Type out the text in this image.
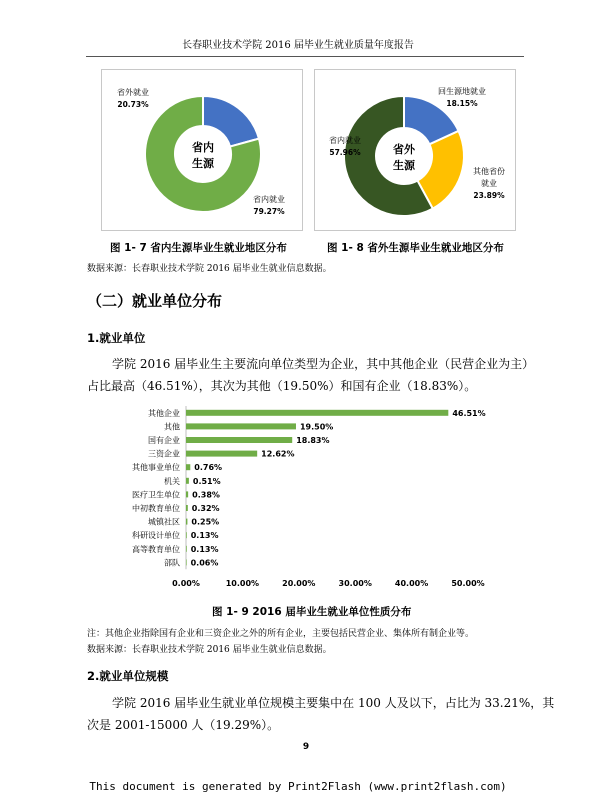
长春职业技术学院 2016 届毕业生就业质量年度报告
省内
生源
省外就业
20.73%
省内就业
79.27%
省外
生源
回生源地就业
18.15%
其他省份
就业
23.89%
省内就业
57.96%
图 1- 7 省内生源毕业生就业地区分布	图 1- 8 省外生源毕业生就业地区分布
数据来源：长春职业技术学院 2016 届毕业生就业信息数据。
（二）就业单位分布
1.就业单位
学院 2016 届毕业生主要流向单位类型为企业，其中其他企业（民营企业为主）
占比最高（46.51%），其次为其他（19.50%）和国有企业（18.83%）。
其他企业
其他
国有企业
三资企业
其他事业单位
机关
医疗卫生单位
中初教育单位
城镇社区
科研设计单位
高等教育单位
部队
46.51%
19.50%
18.83%
12.62%
0.76%
0.51%
0.38%
0.32%
0.25%
0.13%
0.13%
0.06%
0.00%	10.00%	20.00%	30.00%	40.00%	50.00%
图 1- 9 2016 届毕业生就业单位性质分布
注：其他企业指除国有企业和三资企业之外的所有企业，主要包括民营企业、集体所有制企业等。
数据来源：长春职业技术学院 2016 届毕业生就业信息数据。
2.就业单位规模
学院 2016 届毕业生就业单位规模主要集中在 100 人及以下，占比为 33.21%，其
次是 2001-15000 人（19.29%）。
9
This document is generated by Print2Flash (www.print2flash.com)
